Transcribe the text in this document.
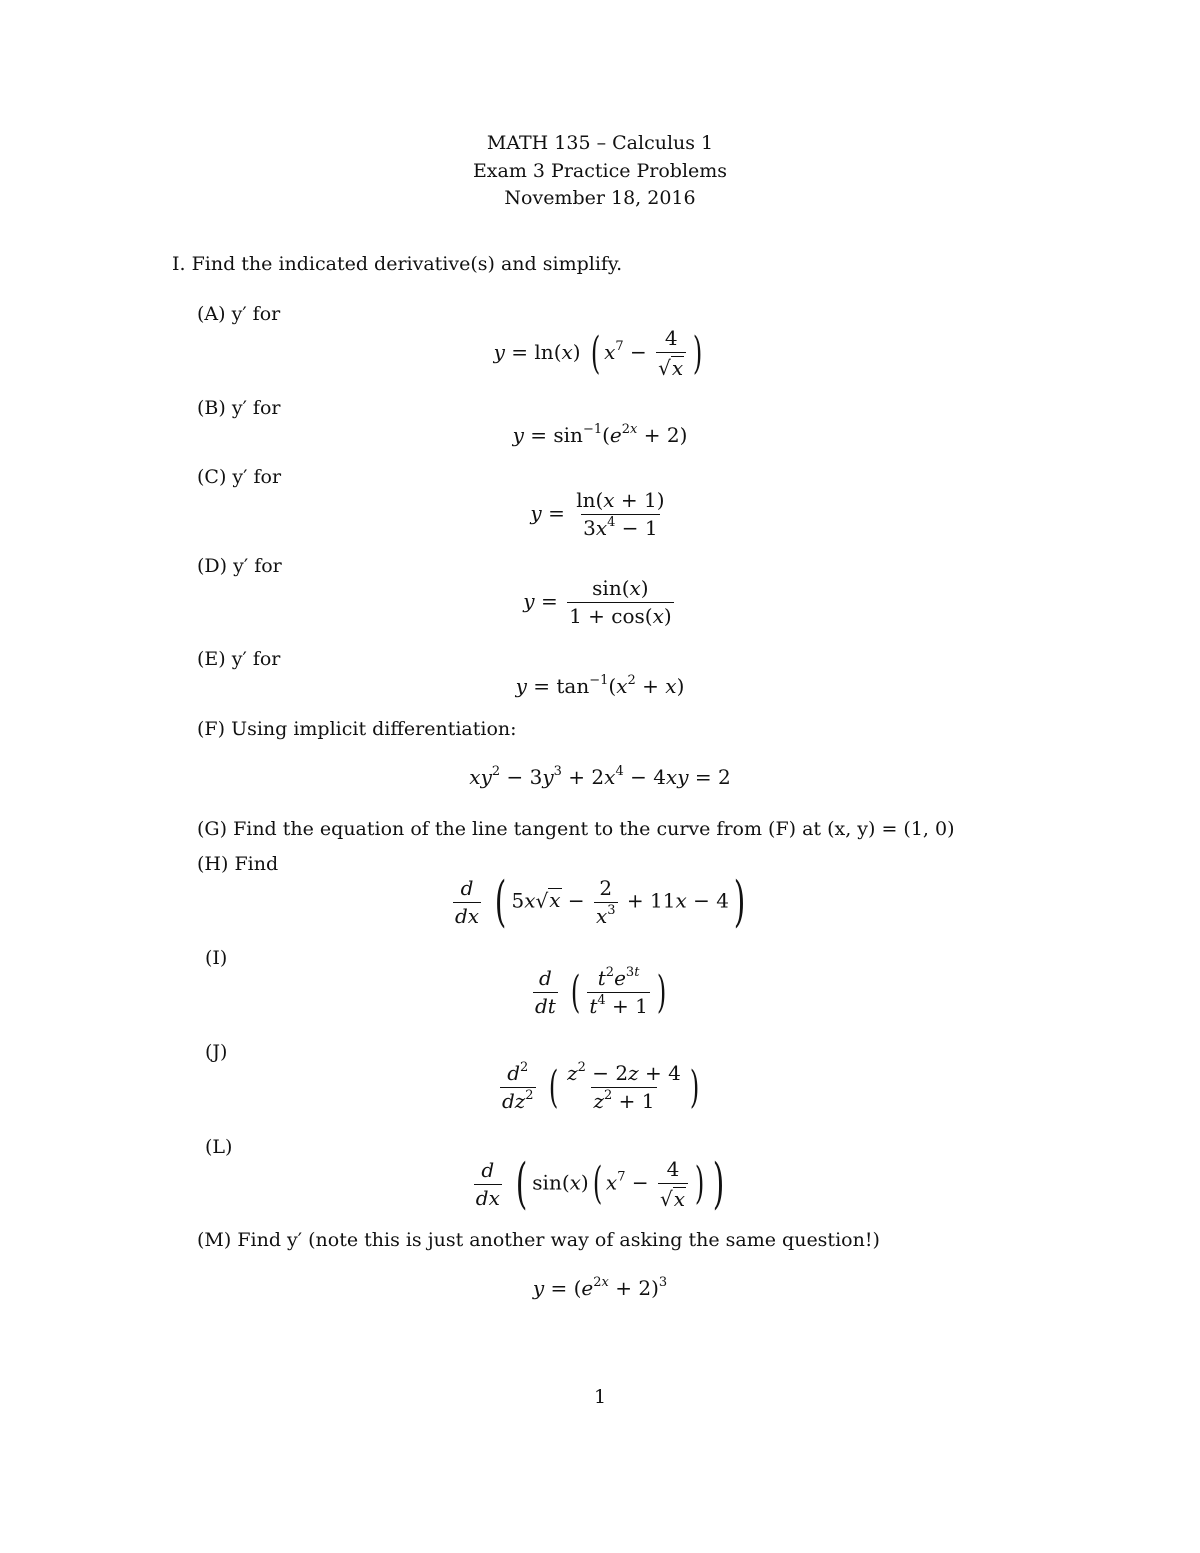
MATH 135 – Calculus 1
Exam 3 Practice Problems
November 18, 2016
I. Find the indicated derivative(s) and simplify.
(A) y′ for
y = ln(x) ( $x^7 - \frac{4}{√ x}$ )
(B) y′ for
$y = \sin^{-1}(e^{2x} + 2)$
(C) y′ for
$y = \frac{\ln(x + 1)}{3x^4 - 1}$
(D) y′ for
$y = \frac{\sin(x)}{1 + \cos(x)}$
(E) y′ for
$y = \tan^{-1}(x^2 + x)$
(F) Using implicit differentiation:
$xy^2 - 3y^3 + 2x^4 - 4xy = 2$
(G) Find the equation of the line tangent to the curve from (F) at (x, y) = (1, 0)
(H) Find
$\frac{d}{dx}$ ( 5x √ $x - \frac{2}{x^3} + 11x - 4$)
(I)
$\frac{d}{dt}$ ( $\frac{t^2e^{3t}}{t^4 + 1}$ )
(J)
$\frac{d^2}{dz^2}$ ( $\frac{z^2 - 2z + 4}{z^2 + 1}$ )
(L)
$\frac{d}{dx}$ ( sin(x)( $x^7 - \frac{4}{√ x}$ ) )
(M) Find y′ (note this is just another way of asking the same question!)
$y = (e^{2x} + 2)^3$
1
